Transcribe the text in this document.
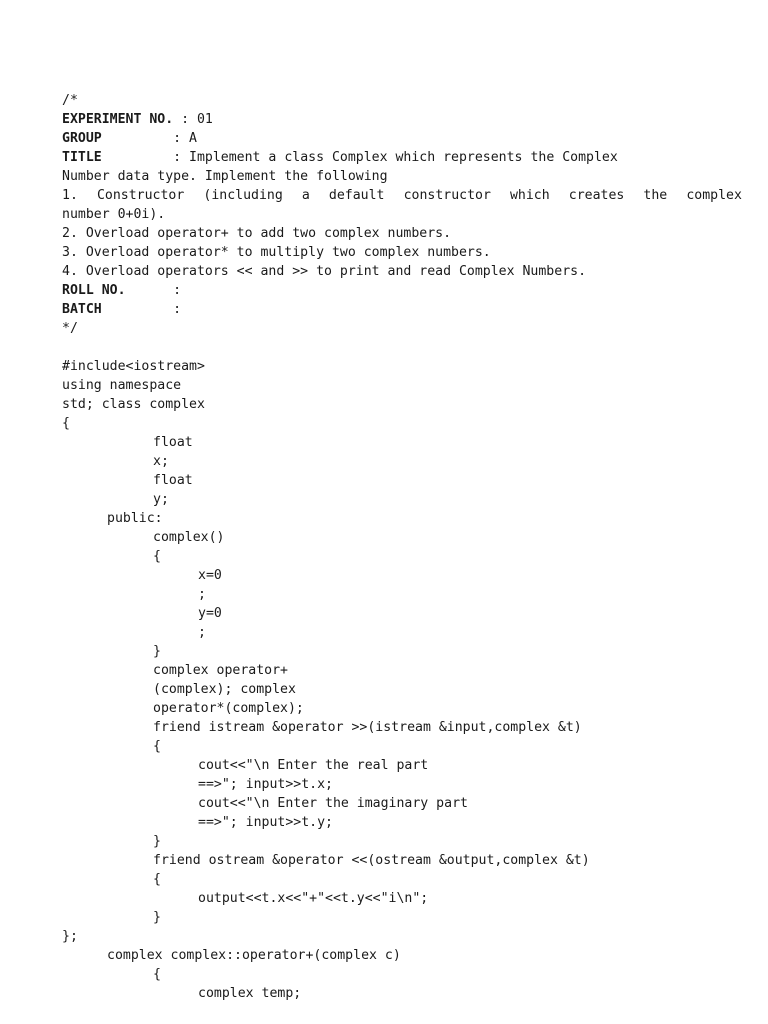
/*
EXPERIMENT NO. : 01
GROUP         : A
TITLE         : Implement a class Complex which represents the Complex
Number data type. Implement the following
1. Constructor (including a default constructor which creates the complex
number 0+0i).
2. Overload operator+ to add two complex numbers.
3. Overload operator* to multiply two complex numbers.
4. Overload operators << and >> to print and read Complex Numbers.
ROLL NO.      :
BATCH         :
*/
#include<iostream>
using namespace
std; class complex
{
float
x;
float
y;
public:
complex()
{
x=0
;
y=0
;
}
complex operator+
(complex); complex
operator*(complex);
friend istream &operator >>(istream &input,complex &t)
{
cout<<"\n Enter the real part
==>"; input>>t.x;
cout<<"\n Enter the imaginary part
==>"; input>>t.y;
}
friend ostream &operator <<(ostream &output,complex &t)
{
output<<t.x<<"+"<<t.y<<"i\n";
}
};
complex complex::operator+(complex c)
{
complex temp;
